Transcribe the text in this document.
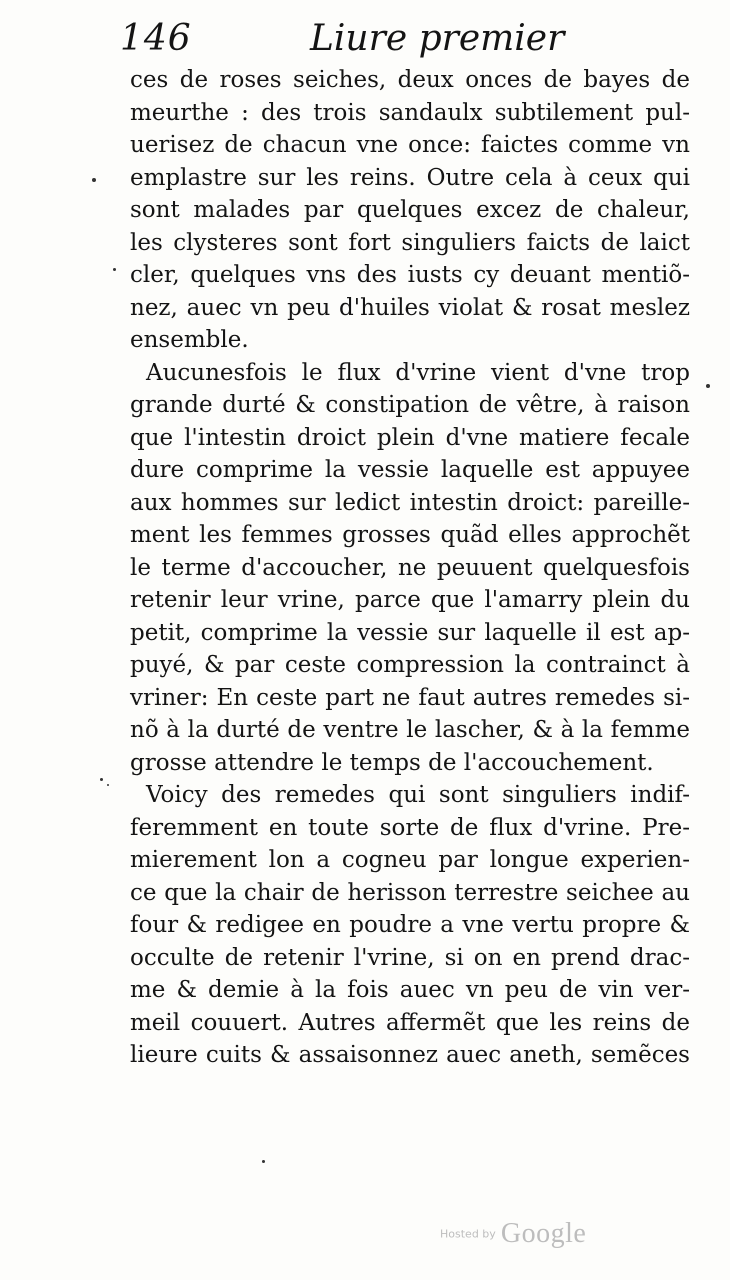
146	Liure premier
ces de roses seiches, deux onces de bayes de
meurthe : des trois sandaulx subtilement pul-
uerisez de chacun vne once: faictes comme vn
emplastre sur les reins. Outre cela à ceux qui
sont malades par quelques excez de chaleur,
les clysteres sont fort singuliers faicts de laict
cler, quelques vns des iusts cy deuant mentiõ-
nez, auec vn peu d'huiles violat & rosat meslez
ensemble.
Aucunesfois le flux d'vrine vient d'vne trop
grande durté & constipation de vêtre, à raison
que l'intestin droict plein d'vne matiere fecale
dure comprime la vessie laquelle est appuyee
aux hommes sur ledict intestin droict: pareille-
ment les femmes grosses quãd elles approchẽt
le terme d'accoucher, ne peuuent quelquesfois
retenir leur vrine, parce que l'amarry plein du
petit, comprime la vessie sur laquelle il est ap-
puyé, & par ceste compression la contrainct à
vriner: En ceste part ne faut autres remedes si-
nõ à la durté de ventre le lascher, & à la femme
grosse attendre le temps de l'accouchement.
Voicy des remedes qui sont singuliers indif-
feremment en toute sorte de flux d'vrine. Pre-
mierement lon a cogneu par longue experien-
ce que la chair de herisson terrestre seichee au
four & redigee en poudre a vne vertu propre &
occulte de retenir l'vrine, si on en prend drac-
me & demie à la fois auec vn peu de vin ver-
meil couuert. Autres affermẽt que les reins de
lieure cuits & assaisonnez auec aneth, semẽces
Hosted by Google
